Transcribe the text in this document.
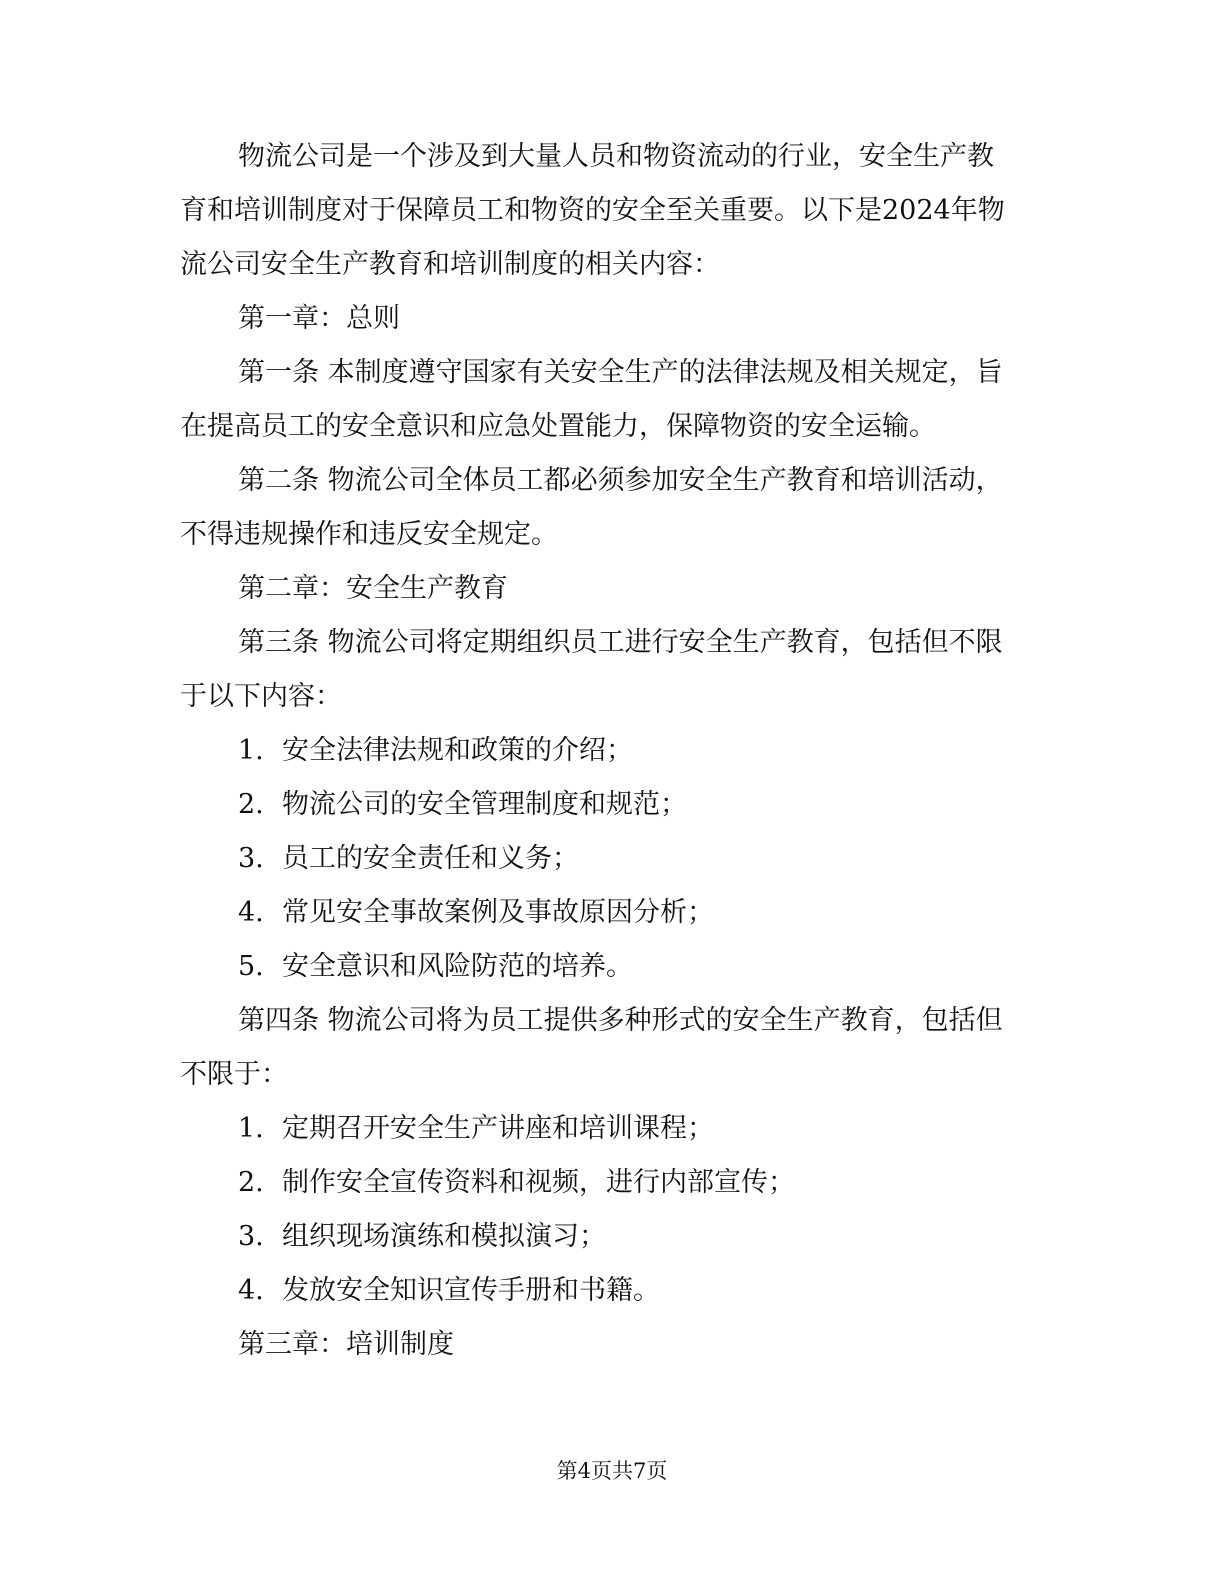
物流公司是一个涉及到大量人员和物资流动的行业，安全生产教
育和培训制度对于保障员工和物资的安全至关重要。以下是2024年物
流公司安全生产教育和培训制度的相关内容：
第一章：总则
第一条 本制度遵守国家有关安全生产的法律法规及相关规定，旨
在提高员工的安全意识和应急处置能力，保障物资的安全运输。
第二条 物流公司全体员工都必须参加安全生产教育和培训活动，
不得违规操作和违反安全规定。
第二章：安全生产教育
第三条 物流公司将定期组织员工进行安全生产教育，包括但不限
于以下内容：
1. 安全法律法规和政策的介绍；
2. 物流公司的安全管理制度和规范；
3. 员工的安全责任和义务；
4. 常见安全事故案例及事故原因分析；
5. 安全意识和风险防范的培养。
第四条 物流公司将为员工提供多种形式的安全生产教育，包括但
不限于：
1. 定期召开安全生产讲座和培训课程；
2. 制作安全宣传资料和视频，进行内部宣传；
3. 组织现场演练和模拟演习；
4. 发放安全知识宣传手册和书籍。
第三章：培训制度
第4页共7页
